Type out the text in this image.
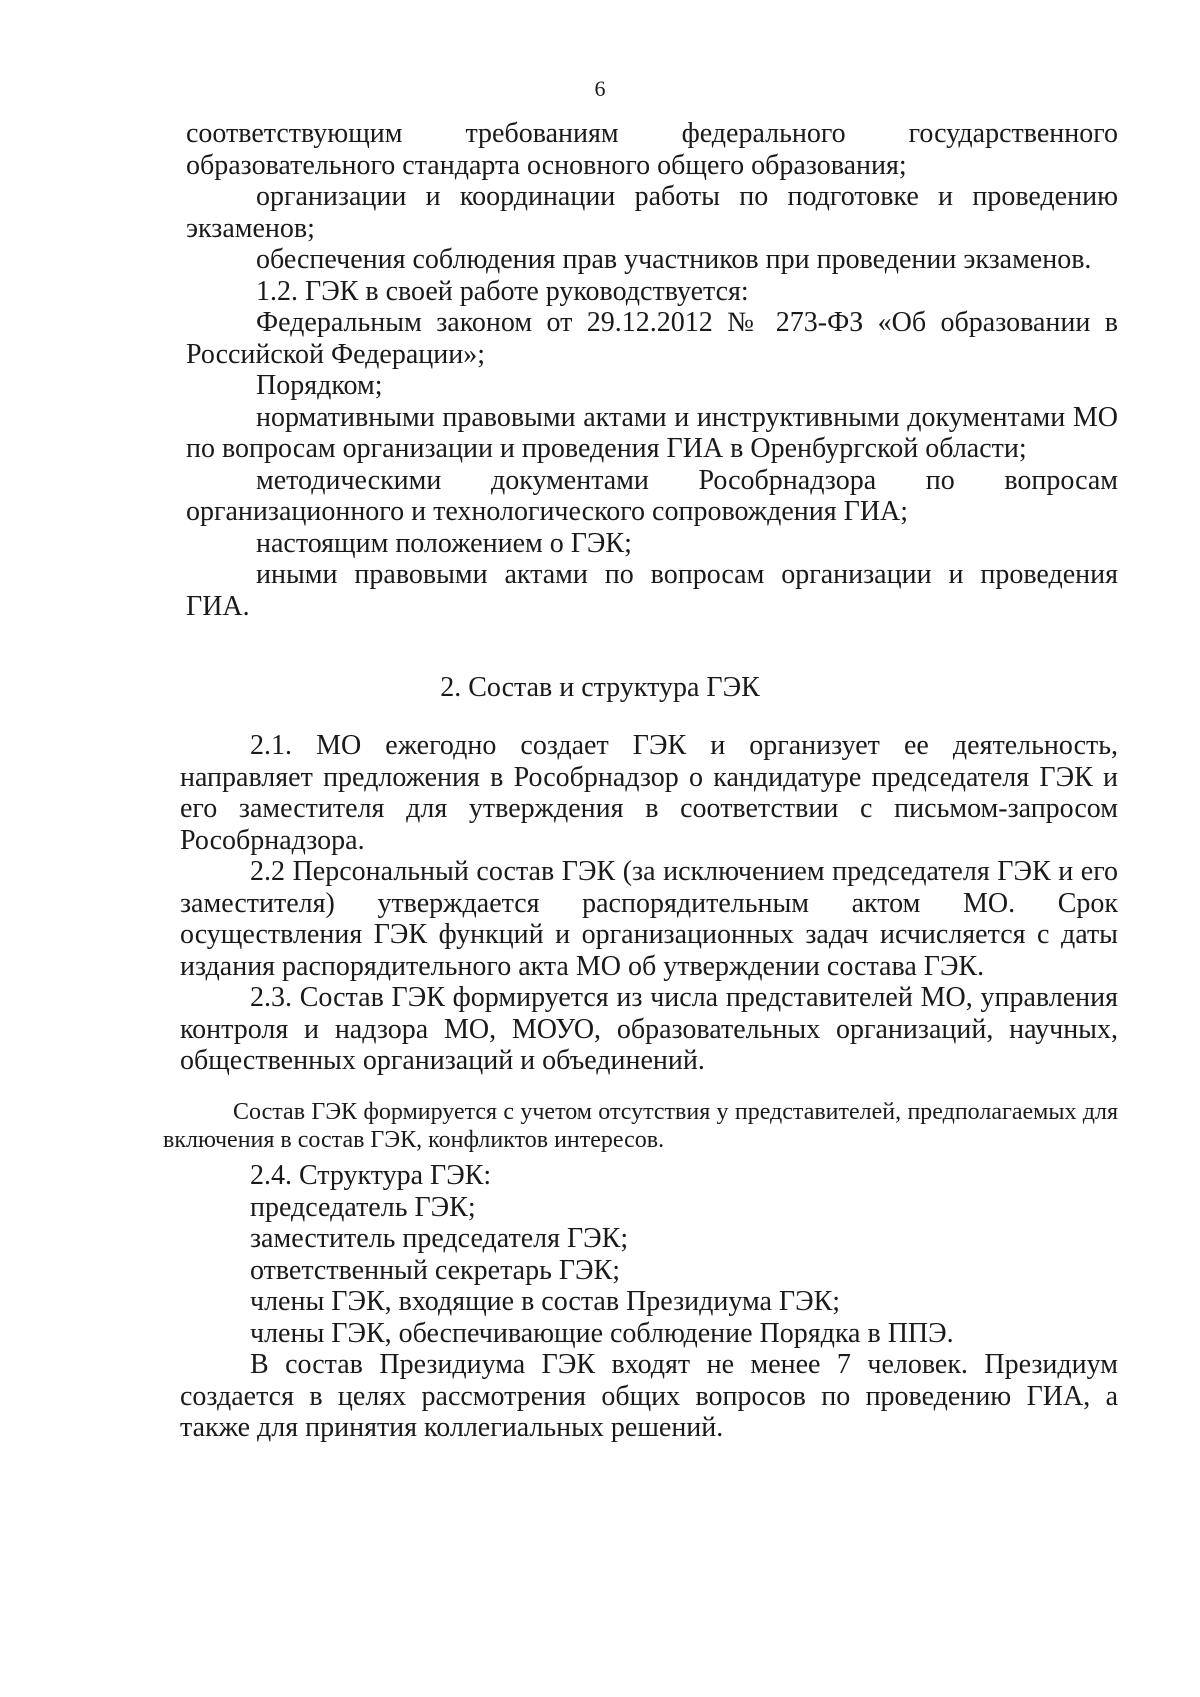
6

соответствующим требованиям федерального государственного образовательного стандарта основного общего образования;

организации и координации работы по подготовке и проведению экзаменов;

обеспечения соблюдения прав участников при проведении экзаменов.

1.2. ГЭК в своей работе руководствуется:

Федеральным законом от 29.12.2012 № 273-ФЗ «Об образовании в Российской Федерации»;

Порядком;

нормативными правовыми актами и инструктивными документами МО по вопросам организации и проведения ГИА в Оренбургской области;

методическими документами Рособрнадзора по вопросам организационного и технологического сопровождения ГИА;

настоящим положением о ГЭК;

иными правовыми актами по вопросам организации и проведения ГИА.

2. Состав и структура ГЭК

2.1. МО ежегодно создает ГЭК и организует ее деятельность, направляет предложения в Рособрнадзор о кандидатуре председателя ГЭК и его заместителя для утверждения в соответствии с письмом-запросом Рособрнадзора.

2.2 Персональный состав ГЭК (за исключением председателя ГЭК и его заместителя) утверждается распорядительным актом МО. Срок осуществления ГЭК функций и организационных задач исчисляется с даты издания распорядительного акта МО об утверждении состава ГЭК.

2.3. Состав ГЭК формируется из числа представителей МО, управления контроля и надзора МО, МОУО, образовательных организаций, научных, общественных организаций и объединений.

Состав ГЭК формируется с учетом отсутствия у представителей, предполагаемых для включения в состав ГЭК, конфликтов интересов.

2.4. Структура ГЭК:

председатель ГЭК;

заместитель председателя ГЭК;

ответственный секретарь ГЭК;

члены ГЭК, входящие в состав Президиума ГЭК;

члены ГЭК, обеспечивающие соблюдение Порядка в ППЭ.

В состав Президиума ГЭК входят не менее 7 человек. Президиум создается в целях рассмотрения общих вопросов по проведению ГИА, а также для принятия коллегиальных решений.
